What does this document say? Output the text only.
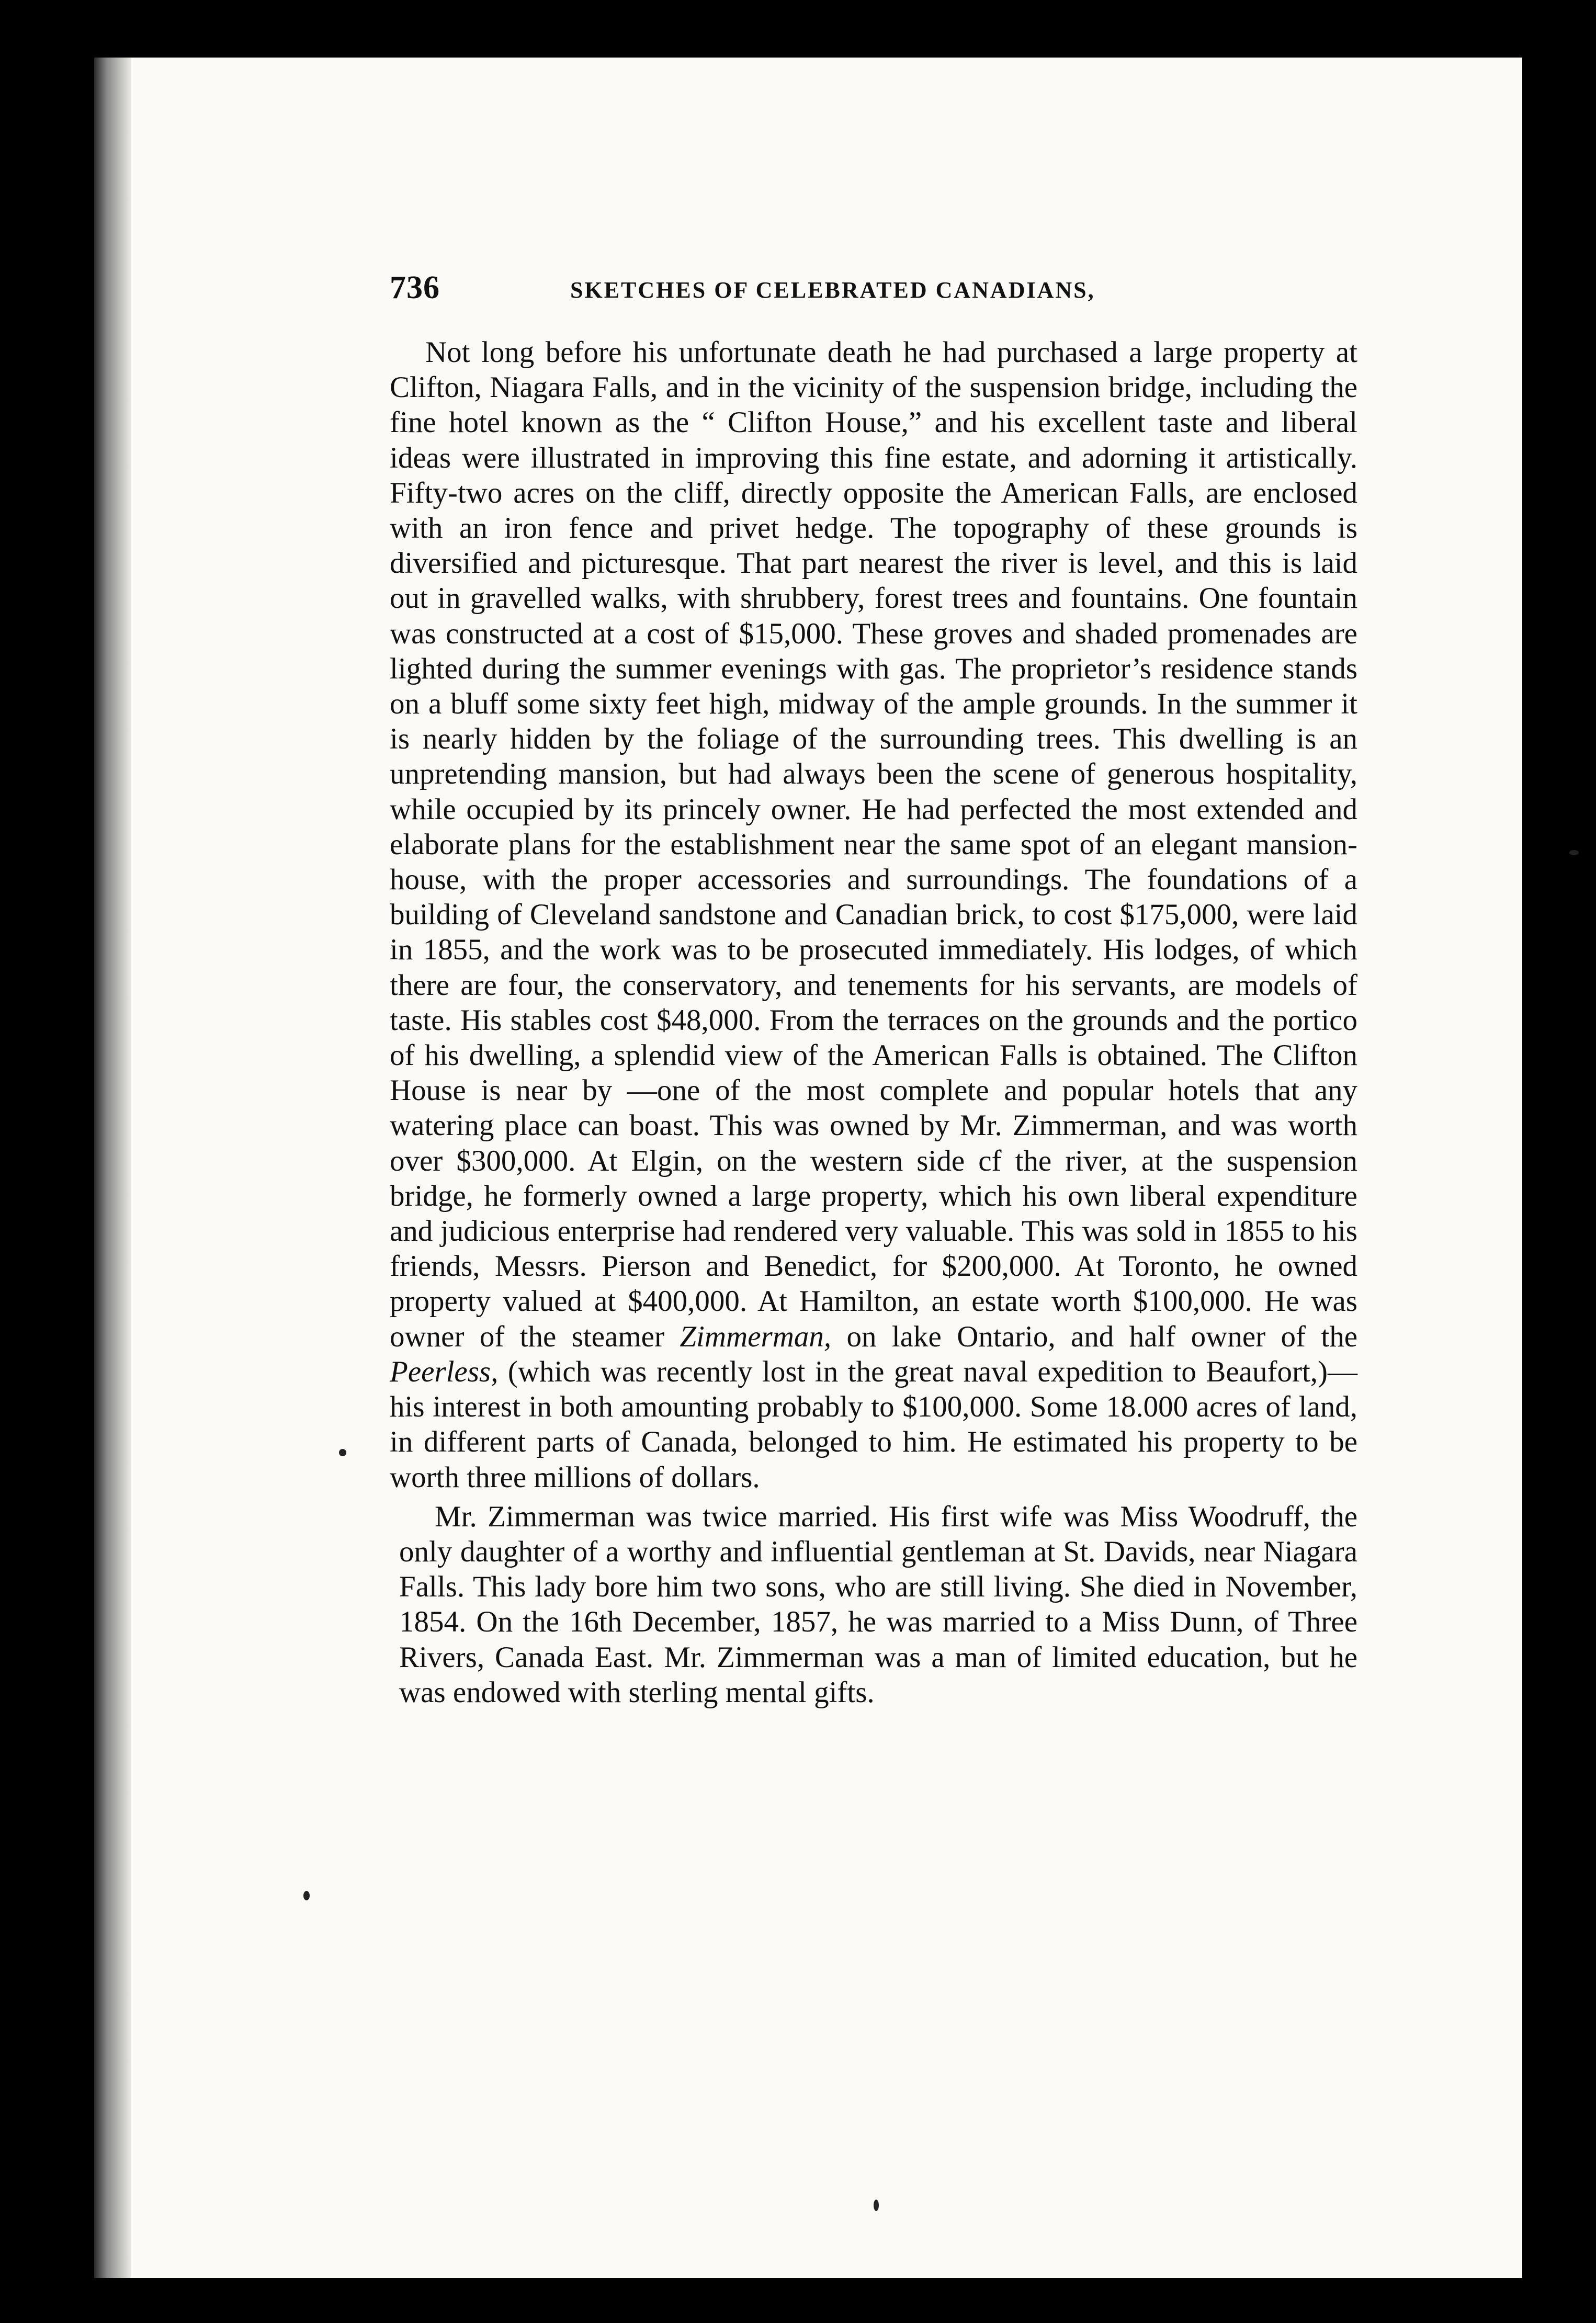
736	SKETCHES OF CELEBRATED CANADIANS,

Not long before his unfortunate death he had purchased a large property at Clifton, Niagara Falls, and in the vicinity of the suspension bridge, including the fine hotel known as the “ Clifton House,” and his excellent taste and liberal ideas were illustrated in improving this fine estate, and adorning it artistically. Fifty-two acres on the cliff, directly opposite the American Falls, are enclosed with an iron fence and privet hedge. The topography of these grounds is diversified and picturesque. That part nearest the river is level, and this is laid out in gravelled walks, with shrubbery, forest trees and fountains. One fountain was constructed at a cost of $15,000. These groves and shaded promenades are lighted during the summer evenings with gas. The proprietor’s residence stands on a bluff some sixty feet high, midway of the ample grounds. In the summer it is nearly hidden by the foliage of the surrounding trees. This dwelling is an unpretending mansion, but had always been the scene of generous hospitality, while occupied by its princely owner. He had perfected the most extended and elaborate plans for the establishment near the same spot of an elegant mansion-house, with the proper accessories and surroundings. The foundations of a building of Cleveland sandstone and Canadian brick, to cost $175,000, were laid in 1855, and the work was to be prosecuted immediately. His lodges, of which there are four, the conservatory, and tenements for his servants, are models of taste. His stables cost $48,000. From the terraces on the grounds and the portico of his dwelling, a splendid view of the American Falls is obtained. The Clifton House is near by —one of the most complete and popular hotels that any watering place can boast. This was owned by Mr. Zimmerman, and was worth over $300,000. At Elgin, on the western side cf the river, at the suspension bridge, he formerly owned a large property, which his own liberal expenditure and judicious enterprise had rendered very valuable. This was sold in 1855 to his friends, Messrs. Pierson and Benedict, for $200,000. At Toronto, he owned property valued at $400,000. At Hamilton, an estate worth $100,000. He was owner of the steamer Zimmerman, on lake Ontario, and half owner of the Peerless, (which was recently lost in the great naval expedition to Beaufort,)—his interest in both amounting probably to $100,000. Some 18.000 acres of land, in different parts of Canada, belonged to him. He estimated his property to be worth three millions of dollars.

Mr. Zimmerman was twice married. His first wife was Miss Woodruff, the only daughter of a worthy and influential gentleman at St. Davids, near Niagara Falls. This lady bore him two sons, who are still living. She died in November, 1854. On the 16th December, 1857, he was married to a Miss Dunn, of Three Rivers, Canada East. Mr. Zimmerman was a man of limited education, but he was endowed with sterling mental gifts.
